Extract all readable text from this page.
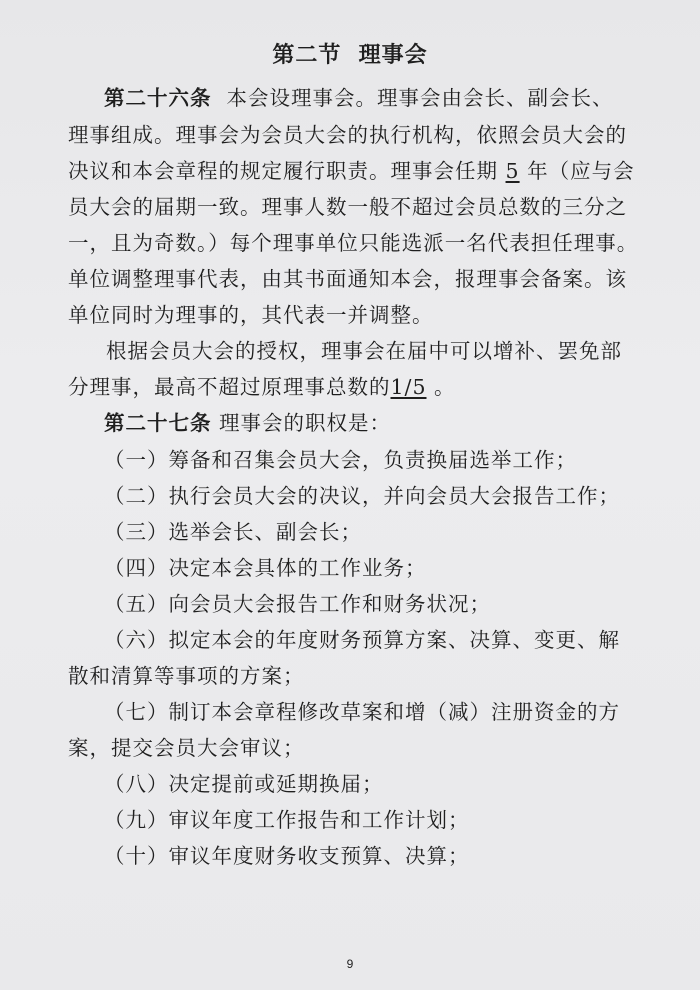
第二节  理事会
第二十六条 本会设理事会。理事会由会长、副会长、
理事组成。理事会为会员大会的执行机构，依照会员大会的
决议和本会章程的规定履行职责。理事会任期 5 年（应与会
员大会的届期一致。理事人数一般不超过会员总数的三分之
一，且为奇数。）每个理事单位只能选派一名代表担任理事。
单位调整理事代表，由其书面通知本会，报理事会备案。该
单位同时为理事的，其代表一并调整。
根据会员大会的授权，理事会在届中可以增补、罢免部
分理事，最高不超过原理事总数的1/5 。
第二十七条 理事会的职权是：
（一）筹备和召集会员大会，负责换届选举工作；
（二）执行会员大会的决议，并向会员大会报告工作；
（三）选举会长、副会长；
（四）决定本会具体的工作业务；
（五）向会员大会报告工作和财务状况；
（六）拟定本会的年度财务预算方案、决算、变更、解
散和清算等事项的方案；
（七）制订本会章程修改草案和增（减）注册资金的方
案，提交会员大会审议；
（八）决定提前或延期换届；
（九）审议年度工作报告和工作计划；
（十）审议年度财务收支预算、决算；
9
